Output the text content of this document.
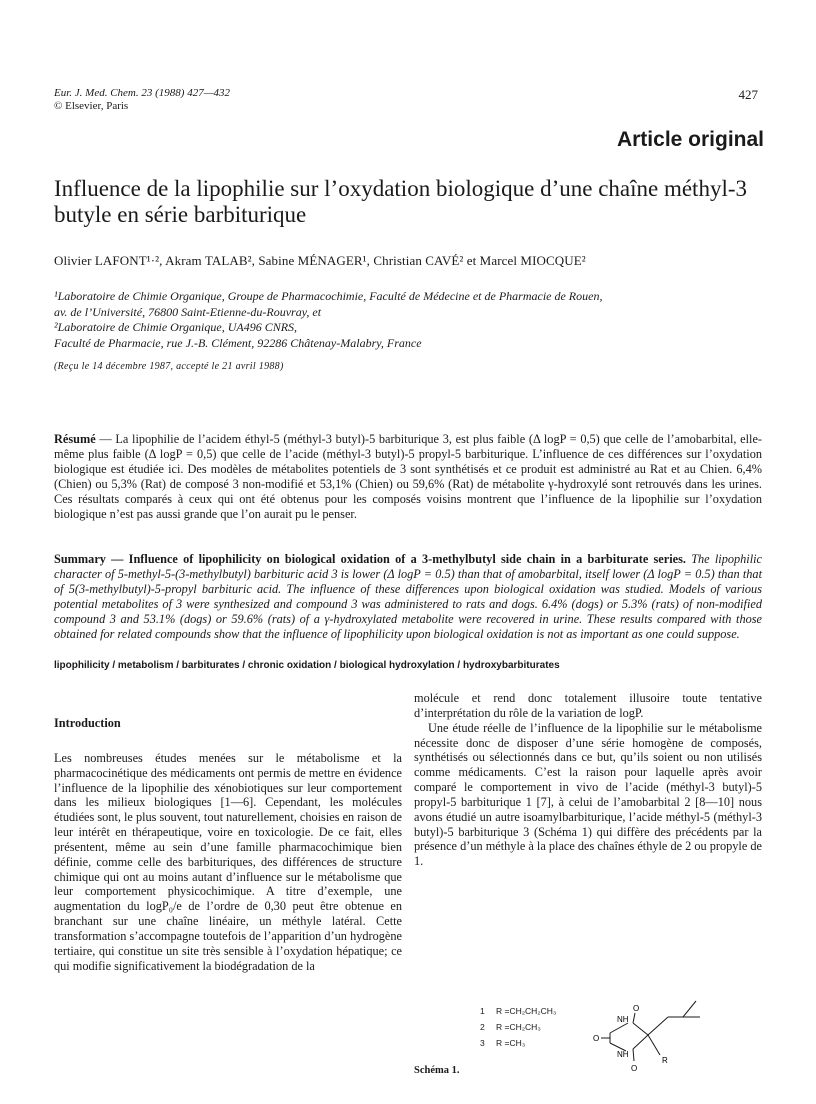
Eur. J. Med. Chem. 23 (1988) 427—432
© Elsevier, Paris
427
Article original
Influence de la lipophilie sur l’oxydation biologique d’une chaîne méthyl-3 butyle en série barbiturique
Olivier LAFONT¹·², Akram TALAB², Sabine MÉNAGER¹, Christian CAVÉ² et Marcel MIOCQUE²
¹Laboratoire de Chimie Organique, Groupe de Pharmacochimie, Faculté de Médecine et de Pharmacie de Rouen,
av. de l’Université, 76800 Saint-Etienne-du-Rouvray, et
²Laboratoire de Chimie Organique, UA496 CNRS,
Faculté de Pharmacie, rue J.-B. Clément, 92286 Châtenay-Malabry, France
(Reçu le 14 décembre 1987, accepté le 21 avril 1988)
Résumé — La lipophilie de l’acidem éthyl-5 (méthyl-3 butyl)-5 barbiturique 3, est plus faible (Δ logP = 0,5) que celle de l’amobarbital, elle-même plus faible (Δ logP = 0,5) que celle de l’acide (méthyl-3 butyl)-5 propyl-5 barbiturique. L’influence de ces différences sur l’oxydation biologique est étudiée ici. Des modèles de métabolites potentiels de 3 sont synthétisés et ce produit est administré au Rat et au Chien. 6,4% (Chien) ou 5,3% (Rat) de composé 3 non-modifié et 53,1% (Chien) ou 59,6% (Rat) de métabolite γ-hydroxylé sont retrouvés dans les urines. Ces résultats comparés à ceux qui ont été obtenus pour les composés voisins montrent que l’influence de la lipophilie sur l’oxydation biologique n’est pas aussi grande que l’on aurait pu le penser.
Summary — Influence of lipophilicity on biological oxidation of a 3-methylbutyl side chain in a barbiturate series. The lipophilic character of 5-methyl-5-(3-methylbutyl) barbituric acid 3 is lower (Δ logP = 0.5) than that of amobarbital, itself lower (Δ logP = 0.5) than that of 5(3-methylbutyl)-5-propyl barbituric acid. The influence of these differences upon biological oxidation was studied. Models of various potential metabolites of 3 were synthesized and compound 3 was administered to rats and dogs. 6.4% (dogs) or 5.3% (rats) of non-modified compound 3 and 53.1% (dogs) or 59.6% (rats) of a γ-hydroxylated metabolite were recovered in urine. These results compared with those obtained for related compounds show that the influence of lipophilicity upon biological oxidation is not as important as one could suppose.
lipophilicity / metabolism / barbiturates / chronic oxidation / biological hydroxylation / hydroxybarbiturates
Introduction

Les nombreuses études menées sur le métabolisme et la pharmacocinétique des médicaments ont permis de mettre en évidence l’influence de la lipophilie des xénobiotiques sur leur comportement dans les milieux biologiques [1—6]. Cependant, les molécules étudiées sont, le plus souvent, tout naturellement, choisies en raison de leur intérêt en thérapeutique, voire en toxicologie. De ce fait, elles présentent, même au sein d’une famille pharmacochimique bien définie, comme celle des barbituriques, des différences de structure chimique qui ont au moins autant d’influence sur le métabolisme que leur comportement physicochimique. A titre d’exemple, une augmentation du logP₀/e de l’ordre de 0,30 peut être obtenue en branchant sur une chaîne linéaire, un méthyle latéral. Cette transformation s’accompagne toutefois de l’apparition d’un hydrogène tertiaire, qui constitue un site très sensible à l’oxydation hépatique; ce qui modifie significativement la biodégradation de la

molécule et rend donc totalement illusoire toute tentative d’interprétation du rôle de la variation de logP.

Une étude réelle de l’influence de la lipophilie sur le métabolisme nécessite donc de disposer d’une série homogène de composés, synthétisés ou sélectionnés dans ce but, qu’ils soient ou non utilisés comme médicaments. C’est la raison pour laquelle après avoir comparé le comportement in vivo de l’acide (méthyl-3 butyl)-5 propyl-5 barbiturique 1 [7], à celui de l’amobarbital 2 [8—10] nous avons étudié un autre isoamylbarbiturique, l’acide méthyl-5 (méthyl-3 butyl)-5 barbiturique 3 (Schéma 1) qui diffère des précédents par la présence d’un méthyle à la place des chaînes éthyle de 2 ou propyle de 1.

1 R =CH₂CH₂CH₃
2 R =CH₂CH₃
3 R =CH₃
NH
O
O
NH
O
R
Schéma 1.
